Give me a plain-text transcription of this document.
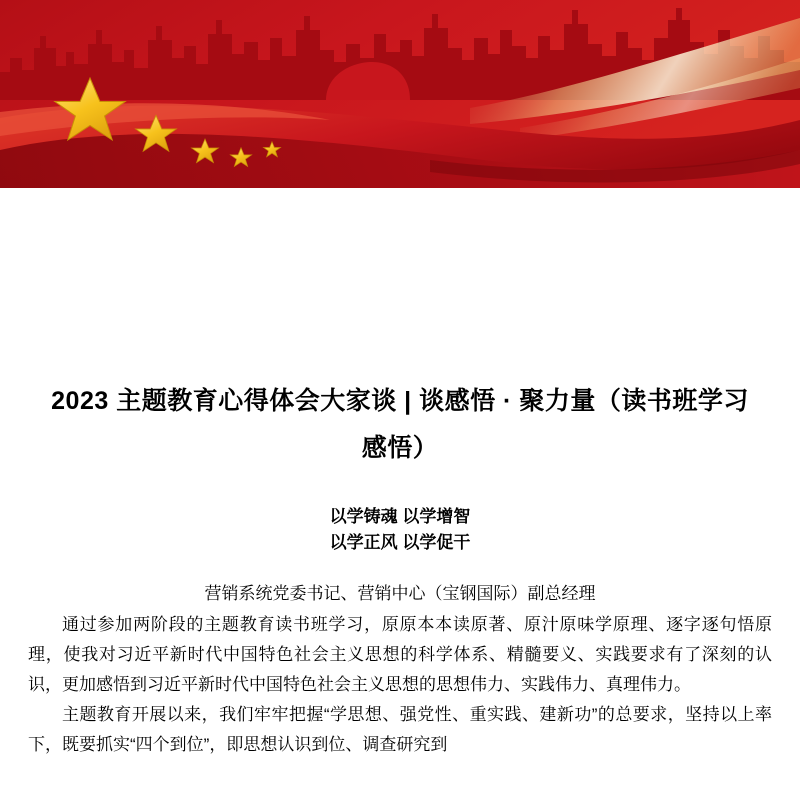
2023 主题教育心得体会大家谈 | 谈感悟 · 聚力量（读书班学习感悟）
以学铸魂 以学增智
以学正风 以学促干
营销系统党委书记、营销中心（宝钢国际）副总经理

通过参加两阶段的主题教育读书班学习，原原本本读原著、原汁原味学原理、逐字逐句悟原理，使我对习近平新时代中国特色社会主义思想的科学体系、精髓要义、实践要求有了深刻的认识，更加感悟到习近平新时代中国特色社会主义思想的思想伟力、实践伟力、真理伟力。

主题教育开展以来，我们牢牢把握“学思想、强党性、重实践、建新功”的总要求，坚持以上率下，既要抓实“四个到位”，即思想认识到位、调查研究到
